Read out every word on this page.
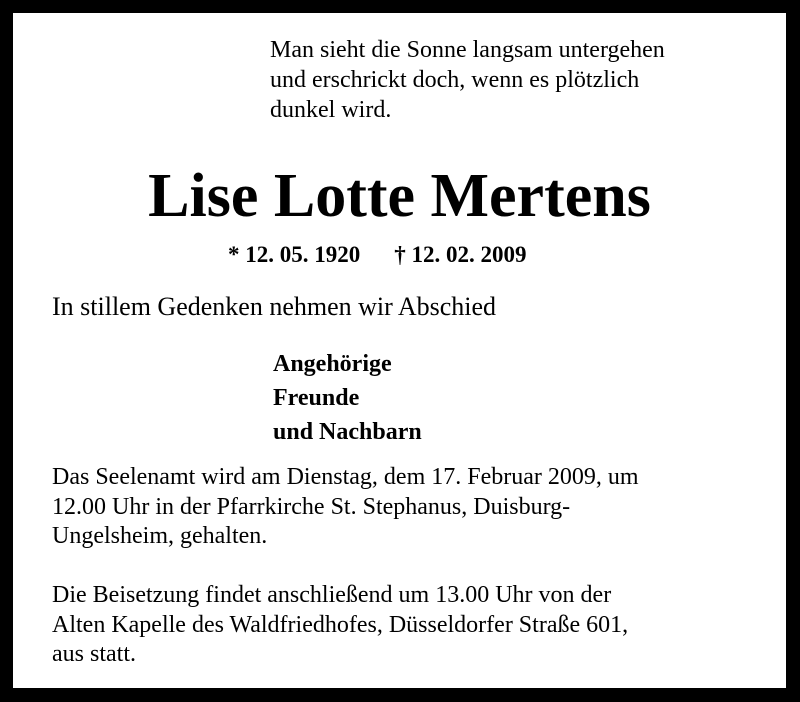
Man sieht die Sonne langsam untergehen
und erschrickt doch, wenn es plötzlich
dunkel wird.
Lise Lotte Mertens
* 12. 05. 1920 † 12. 02. 2009
In stillem Gedenken nehmen wir Abschied
Angehörige
Freunde
und Nachbarn
Das Seelenamt wird am Dienstag, dem 17. Februar 2009, um
12.00 Uhr in der Pfarrkirche St. Stephanus, Duisburg-
Ungelsheim, gehalten.
Die Beisetzung findet anschließend um 13.00 Uhr von der
Alten Kapelle des Waldfriedhofes, Düsseldorfer Straße 601,
aus statt.
